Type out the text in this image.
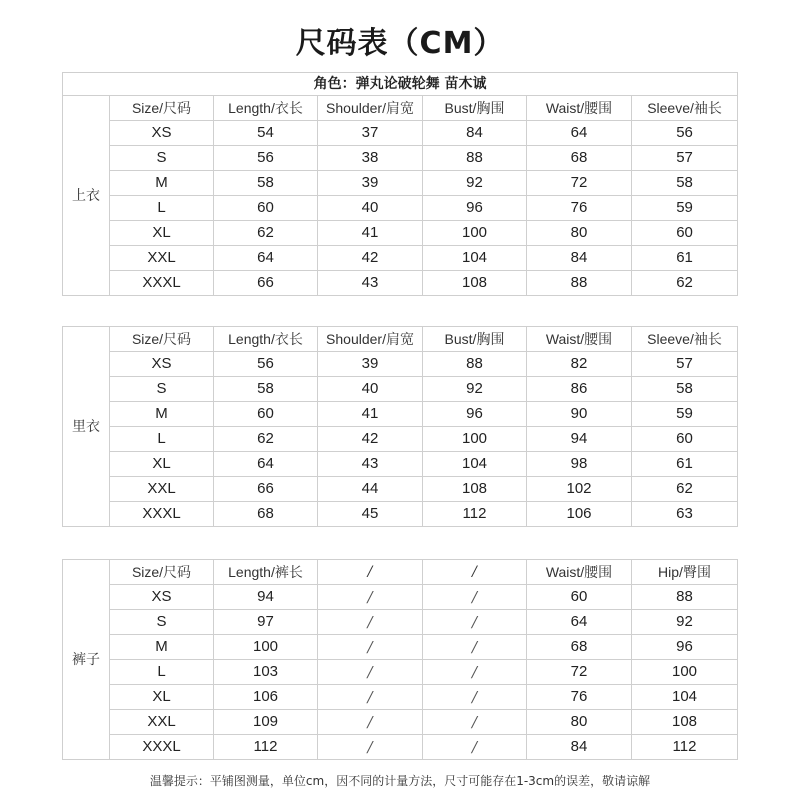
尺码表（CM）
角色：弹丸论破轮舞 苗木诚						
上衣	Size/尺码	Length/衣长	Shoulder/肩宽	Bust/胸围	Waist/腰围	Sleeve/袖长
	XS	54	37	84	64	56
	S	56	38	88	68	57
	M	58	39	92	72	58
	L	60	40	96	76	59
	XL	62	41	100	80	60
	XXL	64	42	104	84	61
	XXXL	66	43	108	88	62
里衣	Size/尺码	Length/衣长	Shoulder/肩宽	Bust/胸围	Waist/腰围	Sleeve/袖长
	XS	56	39	88	82	57
	S	58	40	92	86	58
	M	60	41	96	90	59
	L	62	42	100	94	60
	XL	64	43	104	98	61
	XXL	66	44	108	102	62
	XXXL	68	45	112	106	63
裤子	Size/尺码	Length/裤长	/	/	Waist/腰围	Hip/臀围
	XS	94	/	/	60	88
	S	97	/	/	64	92
	M	100	/	/	68	96
	L	103	/	/	72	100
	XL	106	/	/	76	104
	XXL	109	/	/	80	108
	XXXL	112	/	/	84	112
温馨提示：平铺图测量，单位cm，因不同的计量方法，尺寸可能存在1-3cm的误差，敬请谅解
